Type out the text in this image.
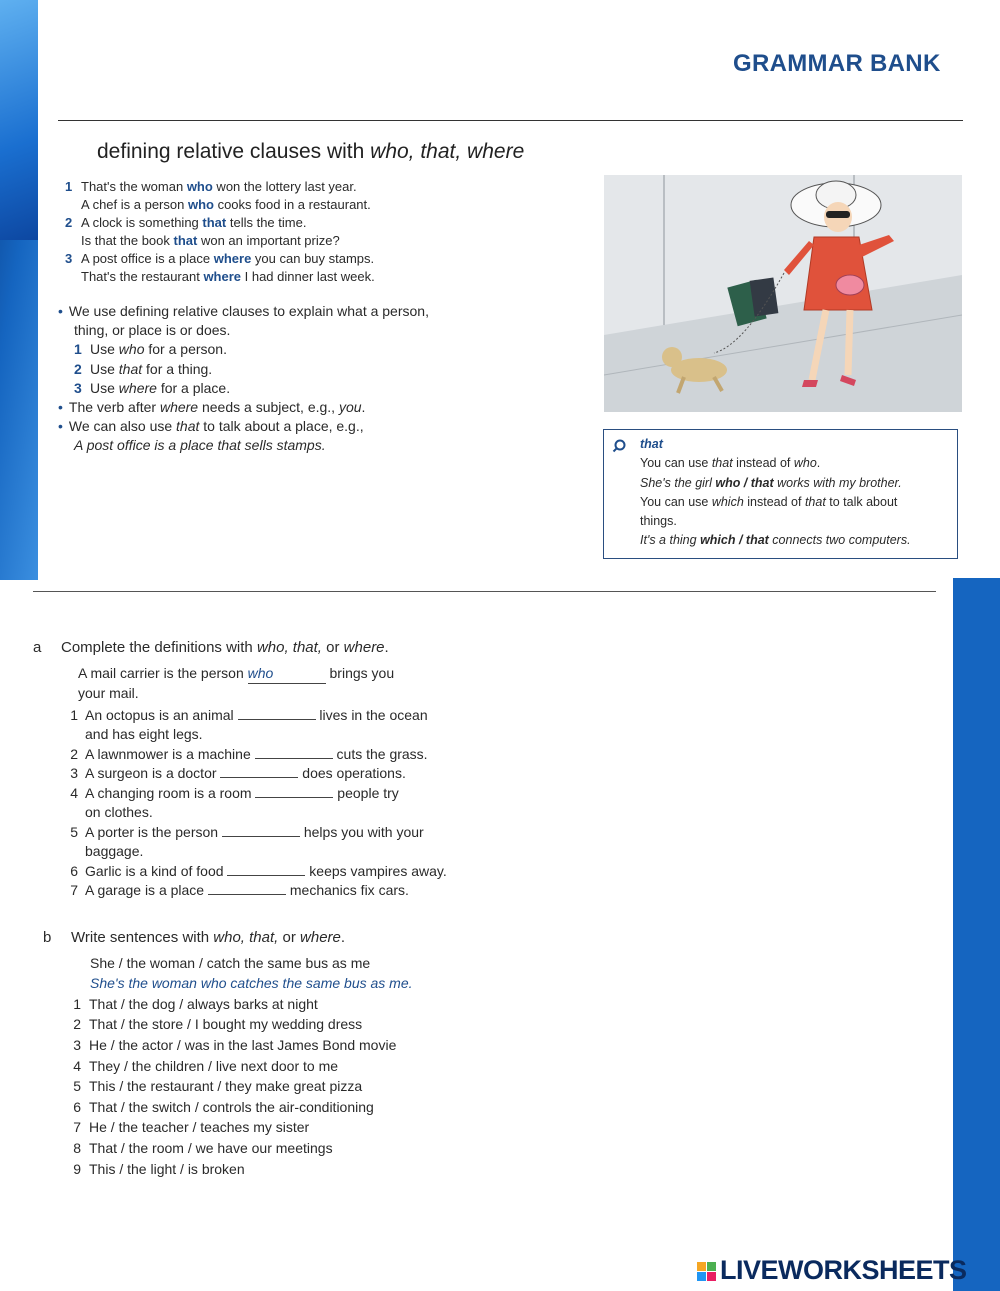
GRAMMAR BANK
defining relative clauses with who, that, where
1 That's the woman who won the lottery last year.
A chef is a person who cooks food in a restaurant.
2 A clock is something that tells the time.
Is that the book that won an important prize?
3 A post office is a place where you can buy stamps.
That's the restaurant where I had dinner last week.
• We use defining relative clauses to explain what a person,
thing, or place is or does.
1 Use who for a person.
2 Use that for a thing.
3 Use where for a place.
• The verb after where needs a subject, e.g., you.
• We can also use that to talk about a place, e.g.,
A post office is a place that sells stamps.	that
You can use that instead of who.
She's the girl who / that works with my brother.
You can use which instead of that to talk about
things.
It's a thing which / that connects two computers.
a Complete the definitions with who, that, or where.
A mail carrier is the person who	brings you
your mail.
1 An octopus is an animal	lives in the ocean
and has eight legs.
2 A lawnmower is a machine	cuts the grass.
3 A surgeon is a doctor	does operations.
4 A changing room is a room	people try
on clothes.
5 A porter is the person	helps you with your
baggage.
6 Garlic is a kind of food	keeps vampires away.
7 A garage is a place	mechanics fix cars.
b Write sentences with who, that, or where.
She / the woman / catch the same bus as me
She's the woman who catches the same bus as me.
1 That / the dog / always barks at night
2 That / the store / I bought my wedding dress
3 He / the actor / was in the last James Bond movie
4 They / the children / live next door to me
5 This / the restaurant / they make great pizza
6 That / the switch / controls the air-conditioning
7 He / the teacher / teaches my sister
8 That / the room / we have our meetings
9 This / the light / is broken
LIVEWORKSHEETS
